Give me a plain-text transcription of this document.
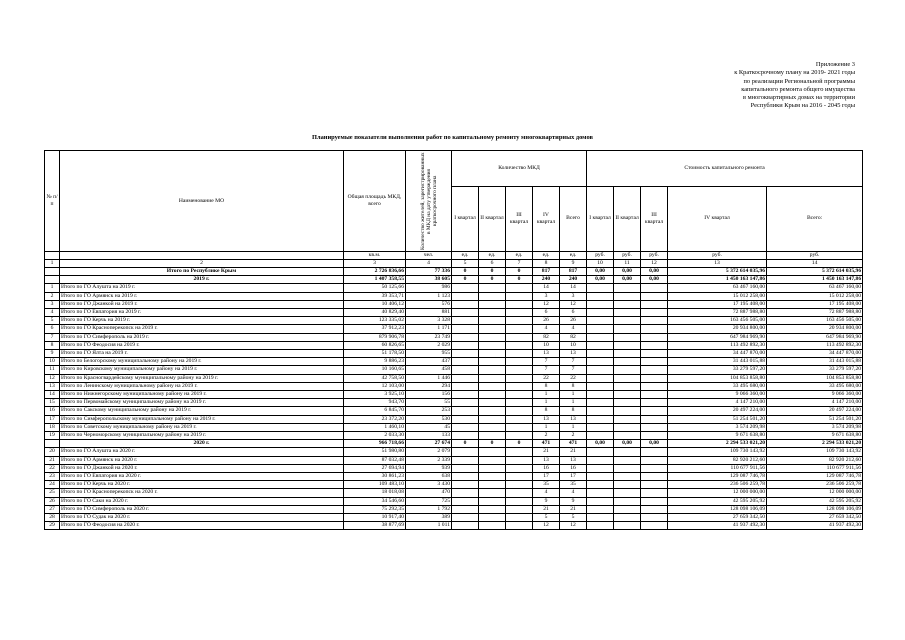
Приложение 3
к Краткосрочному плану на 2019- 2021 годы
по реализации Региональной программы
капитального ремонта общего имущества
в многоквартирных домах на территории
Республики Крым на 2016 - 2045 годы
Планируемые показатели выполнения работ по капитальному ремонту многоквартирных домов
№ п/п	Наименование МО	Общая площадь МКД, всего	Количество жителей, зарегистрированных в МКД на дату утверждения краткосрочного плана	Количество МКД					Стоимость капитального ремонта				
				I квартал	II квартал	III квартал	IV квартал	Всего	I квартал	II квартал	III квартал	IV квартал	Всего:
		кв.м.	чел.	ед.	ед.	ед.	ед.	ед.	руб.	руб.	руб.	руб.	руб.
1	2	3	4	5	6	7	8	9	10	11	12	13	14
	Итого по Республике Крым	2 726 836,66	77 336	0	0	0	817	817	0,00	0,00	0,00	5 372 614 035,96	5 372 614 035,96
	2019 г.	1 407 358,55	38 605	0	0	0	240	240	0,00	0,00	0,00	1 450 163 147,86	1 450 163 147,86
1	Итого по ГО Алушта на 2019 г.	50 125,66	986				14	14				63 467 160,00	63 467 160,00
2	Итого по ГО Армянск на 2019 г.	39 353,71	1 123				3	3				15 012 258,00	15 012 258,00
3	Итого по ГО Джанкой на 2019 г.	10 406,12	576				12	12				17 195 408,00	17 195 408,00
4	Итого по ГО Евпатория на 2019 г.	40 829,40	881				6	6				72 887 988,80	72 887 988,80
5	Итого по ГО Керчь на 2019 г.	123 335,02	3 328				26	26				163 456 505,00	163 456 505,00
6	Итого по ГО Красноперекопск на 2019 г.	37 912,23	1 171				4	4				20 934 800,00	20 934 800,00
7	Итого по ГО Симферополь на 2019 г.	879 906,78	23 749				82	82				647 984 969,90	647 984 969,90
8	Итого по ГО Феодосия на 2019 г.	60 826,65	2 029				10	10				113 492 892,30	113 492 892,30
9	Итого по ГО Ялта на 2019 г.	51 178,50	955				13	13				34 447 870,00	34 447 870,00
10	Итого по Белогорскому муниципальному району на 2019 г.	9 886,23	437				7	7				31 443 015,88	31 443 015,88
11	Итого по Кировскому муниципальному району на 2019 г.	10 160,65	458				7	7				33 279 597,20	33 279 597,20
12	Итого по Красногвардейскому муниципальному району на 2019 г.	42 758,50	1 446				22	22				104 853 858,80	104 853 858,80
13	Итого по Ленинскому муниципальному району на 2019 г.	12 103,00	294				8	8				33 495 680,00	33 495 680,00
14	Итого по Нижнегорскому муниципальному району на 2019 г.	3 925,10	156				1	1				9 066 360,00	9 066 360,00
15	Итого по Первомайскому муниципальному району на 2019 г.	943,70	55				1	1				4 147 210,00	4 147 210,00
16	Итого по Сакскому муниципальному району на 2019 г.	6 845,70	253				8	8				20 497 224,00	20 497 224,00
17	Итого по Симферопольскому муниципальному району на 2019 г.	23 372,20	530				13	13				51 254 501,20	51 254 501,20
18	Итого по Советскому муниципальному району на 2019 г.	1 460,10	45				1	1				3 574 209,98	3 574 209,98
19	Итого по Черноморскому муниципальному району на 2019 г.	2 033,30	133				2	2				9 671 638,80	9 671 638,80
	2020 г.	966 718,66	27 674	0	0	0	471	471	0,00	0,00	0,00	2 294 533 021,20	2 294 533 021,20
20	Итого по ГО Алушта на 2020 г.	51 980,80	2 079				21	21				109 730 143,92	109 730 143,92
21	Итого по ГО Армянск на 2020 г.	87 032,48	2 339				13	13				82 920 212,60	82 920 212,60
22	Итого по ГО Джанкой на 2020 г.	27 694,94	939				16	16				110 677 911,56	110 677 911,56
23	Итого по ГО Евпатория на 2020 г.	30 861,23	638				17	17				129 087 746,78	129 087 746,78
24	Итого по ГО Керчь на 2020 г.	109 483,10	3 430				35	35				236 506 259,78	236 506 259,78
25	Итого по ГО Красноперекопск на 2020 г.	18 018,08	470				4	4				12 000 000,00	12 000 000,00
26	Итого по ГО Саки на 2020 г.	34 546,60	725				9	9				42 595 205,92	42 595 205,92
27	Итого по ГО Симферополь на 2020 г.	75 292,35	1 792				21	21				128 098 106,09	128 098 106,09
28	Итого по ГО Судак на 2020 г.	10 917,40	389				5	5				27 659 342,50	27 659 342,50
29	Итого по ГО Феодосия на 2020 г.	38 877,69	1 011				12	12				41 937 492,30	41 937 492,30
